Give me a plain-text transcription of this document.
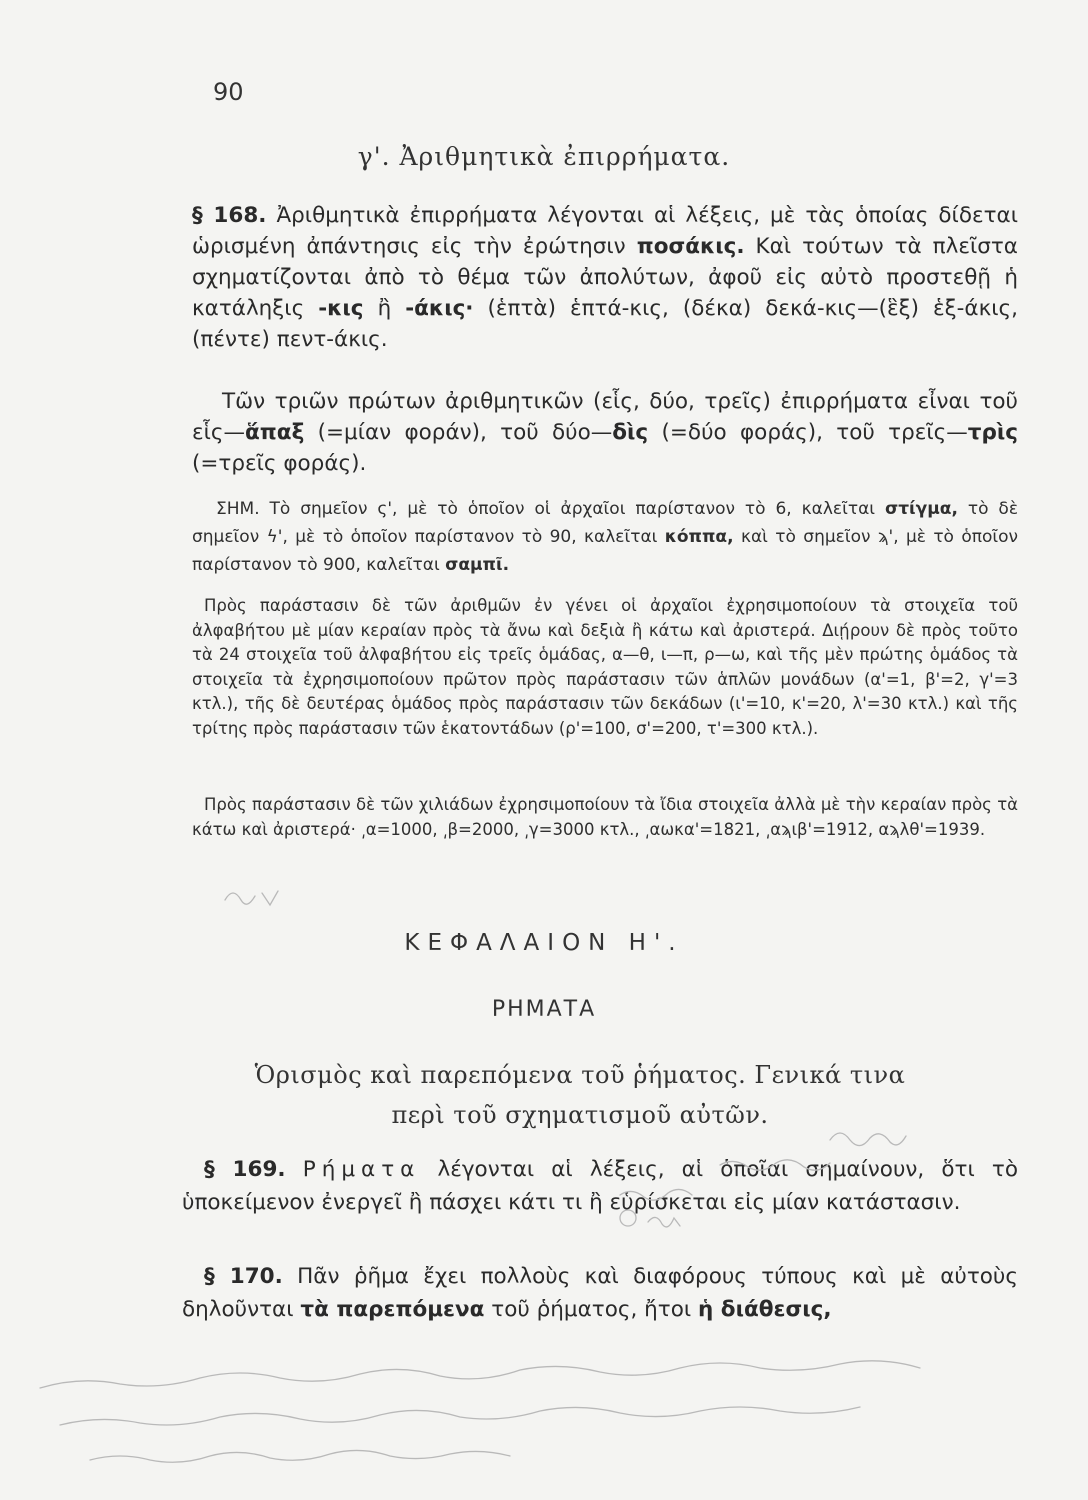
90
γ'. Ἀριθμητικὰ ἐπιρρήματα.

§ 168. Ἀριθμητικὰ ἐπιρρήματα λέγονται αἱ λέξεις, μὲ τὰς ὁποίας δίδεται ὡρισμένη ἀπάντησις εἰς τὴν ἐρώτησιν ποσάκις. Καὶ τούτων τὰ πλεῖστα σχηματίζονται ἀπὸ τὸ θέμα τῶν ἀπολύτων, ἀφοῦ εἰς αὐτὸ προστεθῇ ἡ κατάληξις -κις ἢ -άκις· (ἑπτὰ) ἑπτά-κις, (δέκα) δεκά-κις—(ἓξ) ἑξ-άκις, (πέντε) πεντ-άκις.

Τῶν τριῶν πρώτων ἀριθμητικῶν (εἷς, δύο, τρεῖς) ἐπιρρήματα εἶναι τοῦ εἷς—ἅπαξ (=μίαν φοράν), τοῦ δύο—δὶς (=δύο φοράς), τοῦ τρεῖς—τρὶς (=τρεῖς φοράς).

ΣΗΜ. Τὸ σημεῖον ς', μὲ τὸ ὁποῖον οἱ ἀρχαῖοι παρίστανον τὸ 6, καλεῖται στίγμα, τὸ δὲ σημεῖον ϟ', μὲ τὸ ὁποῖον παρίστανον τὸ 90, καλεῖται κόππα, καὶ τὸ σημεῖον ϡ', μὲ τὸ ὁποῖον παρίστανον τὸ 900, καλεῖται σαμπῖ.

Πρὸς παράστασιν δὲ τῶν ἀριθμῶν ἐν γένει οἱ ἀρχαῖοι ἐχρησιμοποίουν τὰ στοιχεῖα τοῦ ἀλφαβήτου μὲ μίαν κεραίαν πρὸς τὰ ἄνω καὶ δεξιὰ ἢ κάτω καὶ ἀριστερά. Διῄρουν δὲ πρὸς τοῦτο τὰ 24 στοιχεῖα τοῦ ἀλφαβήτου εἰς τρεῖς ὁμάδας, α—θ, ι—π, ρ—ω, καὶ τῆς μὲν πρώτης ὁμάδος τὰ στοιχεῖα τὰ ἐχρησιμοποίουν πρῶτον πρὸς παράστασιν τῶν ἁπλῶν μονάδων (α'=1, β'=2, γ'=3 κτλ.), τῆς δὲ δευτέρας ὁμάδος πρὸς παράστασιν τῶν δεκάδων (ι'=10, κ'=20, λ'=30 κτλ.) καὶ τῆς τρίτης πρὸς παράστασιν τῶν ἑκατοντάδων (ρ'=100, σ'=200, τ'=300 κτλ.).

Πρὸς παράστασιν δὲ τῶν χιλιάδων ἐχρησιμοποίουν τὰ ἴδια στοιχεῖα ἀλλὰ μὲ τὴν κεραίαν πρὸς τὰ κάτω καὶ ἀριστερά· ͵α=1000, ͵β=2000, ͵γ=3000 κτλ., ͵αωκα'=1821, ͵αϡιβ'=1912, αϡλθ'=1939.

ΚΕΦΑΛΑΙΟΝ Η'.
ΡΗΜΑΤΑ
Ὁρισμὸς καὶ παρεπόμενα τοῦ ῥήματος. Γενικά τινα
περὶ τοῦ σχηματισμοῦ αὐτῶν.

§ 169. Ρήματα λέγονται αἱ λέξεις, αἱ ὁποῖαι σημαίνουν, ὅτι τὸ ὑποκείμενον ἐνεργεῖ ἢ πάσχει κάτι τι ἢ εὑρίσκεται εἰς μίαν κατάστασιν.

§ 170. Πᾶν ῥῆμα ἔχει πολλοὺς καὶ διαφόρους τύπους καὶ μὲ αὐτοὺς δηλοῦνται τὰ παρεπόμενα τοῦ ῥήματος, ἤτοι ἡ διάθεσις,
